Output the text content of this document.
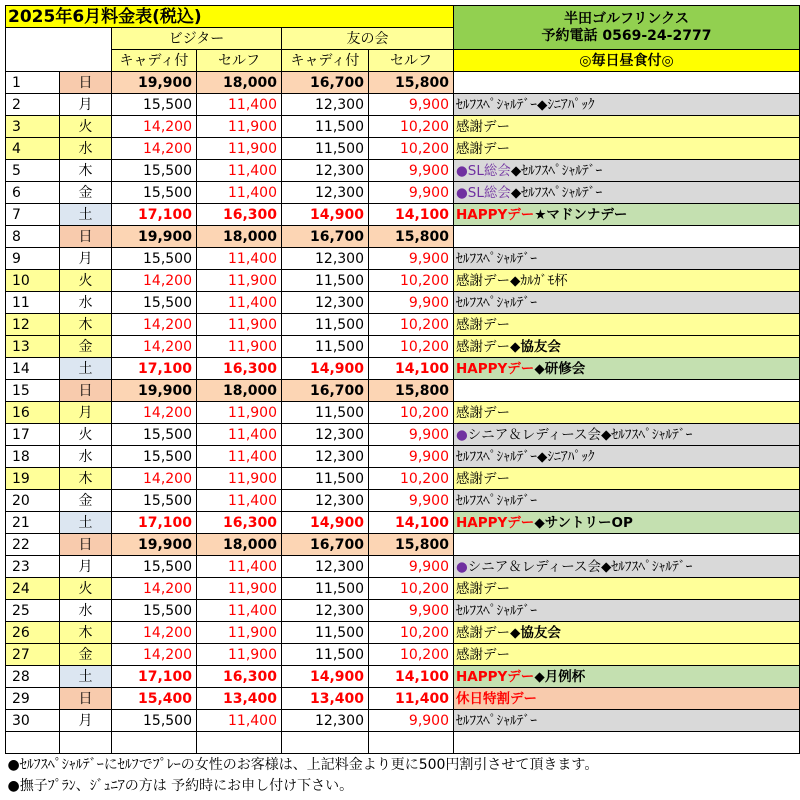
2025年6月料金表(税込)						半田ゴルフリンクス
予約電話 0569-24-2777

		ビジター		友の会		
		キャディ付	セルフ	キャディ付	セルフ	◎毎日昼食付◎
1	日	19,900	18,000	16,700	15,800	
2	月	15,500	11,400	12,300	9,900	ｾﾙﾌｽﾍﾟｼｬﾙﾃﾞｰ◆ｼﾆｱﾊﾟｯｸ
3	火	14,200	11,900	11,500	10,200	感謝デー
4	水	14,200	11,900	11,500	10,200	感謝デー
5	木	15,500	11,400	12,300	9,900	●SL総会◆ｾﾙﾌｽﾍﾟｼｬﾙﾃﾞｰ
6	金	15,500	11,400	12,300	9,900	●SL総会◆ｾﾙﾌｽﾍﾟｼｬﾙﾃﾞｰ
7	土	17,100	16,300	14,900	14,100	HAPPYデー★マドンナデー
8	日	19,900	18,000	16,700	15,800	
9	月	15,500	11,400	12,300	9,900	ｾﾙﾌｽﾍﾟｼｬﾙﾃﾞｰ
10	火	14,200	11,900	11,500	10,200	感謝デー◆ｶﾙｶﾞﾓ杯
11	水	15,500	11,400	12,300	9,900	ｾﾙﾌｽﾍﾟｼｬﾙﾃﾞｰ
12	木	14,200	11,900	11,500	10,200	感謝デー
13	金	14,200	11,900	11,500	10,200	感謝デー◆協友会
14	土	17,100	16,300	14,900	14,100	HAPPYデー◆研修会
15	日	19,900	18,000	16,700	15,800	
16	月	14,200	11,900	11,500	10,200	感謝デー
17	火	15,500	11,400	12,300	9,900	●シニア＆レディース会◆ｾﾙﾌｽﾍﾟｼｬﾙﾃﾞｰ
18	水	15,500	11,400	12,300	9,900	ｾﾙﾌｽﾍﾟｼｬﾙﾃﾞｰ◆ｼﾆｱﾊﾟｯｸ
19	木	14,200	11,900	11,500	10,200	感謝デー
20	金	15,500	11,400	12,300	9,900	ｾﾙﾌｽﾍﾟｼｬﾙﾃﾞｰ
21	土	17,100	16,300	14,900	14,100	HAPPYデー◆サントリーOP
22	日	19,900	18,000	16,700	15,800	
23	月	15,500	11,400	12,300	9,900	●シニア＆レディース会◆ｾﾙﾌｽﾍﾟｼｬﾙﾃﾞｰ
24	火	14,200	11,900	11,500	10,200	感謝デー
25	水	15,500	11,400	12,300	9,900	ｾﾙﾌｽﾍﾟｼｬﾙﾃﾞｰ
26	木	14,200	11,900	11,500	10,200	感謝デー◆協友会
27	金	14,200	11,900	11,500	10,200	感謝デー
28	土	17,100	16,300	14,900	14,100	HAPPYデー◆月例杯
29	日	15,400	13,400	13,400	11,400	休日特割デー
30	月	15,500	11,400	12,300	9,900	ｾﾙﾌｽﾍﾟｼｬﾙﾃﾞｰ

●ｾﾙﾌｽﾍﾟｼｬﾙﾃﾞｰにｾﾙﾌでﾌﾟﾚｰの女性のお客様は、上記料金より更に500円割引させて頂きます。						
●撫子ﾌﾟﾗﾝ、ｼﾞｭﾆｱの方は 予約時にお申し付け下さい。						
